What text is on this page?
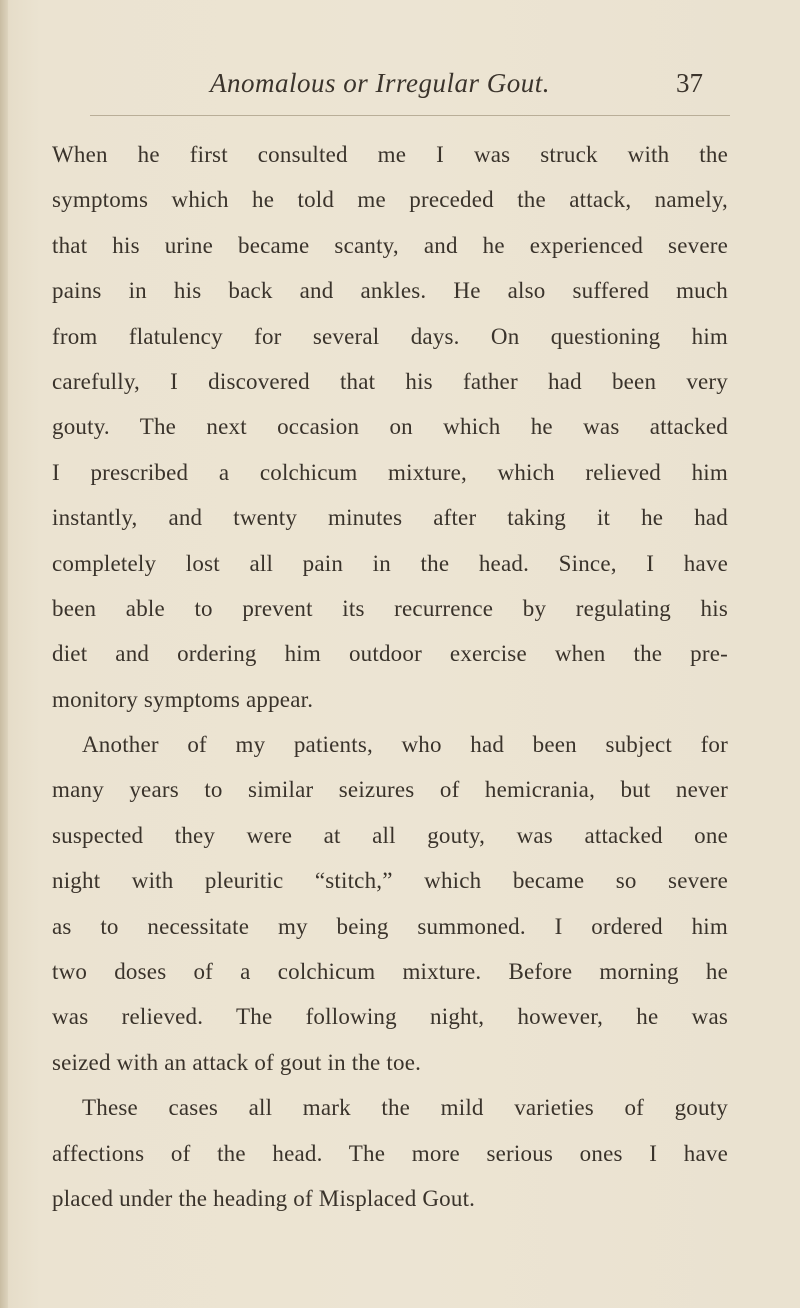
Anomalous or Irregular Gout.	37
When he first consulted me I was struck with the
symptoms which he told me preceded the attack, namely,
that his urine became scanty, and he experienced severe
pains in his back and ankles. He also suffered much
from flatulency for several days. On questioning him
carefully, I discovered that his father had been very
gouty. The next occasion on which he was attacked
I prescribed a colchicum mixture, which relieved him
instantly, and twenty minutes after taking it he had
completely lost all pain in the head. Since, I have
been able to prevent its recurrence by regulating his
diet and ordering him outdoor exercise when the pre-
monitory symptoms appear.
Another of my patients, who had been subject for
many years to similar seizures of hemicrania, but never
suspected they were at all gouty, was attacked one
night with pleuritic “stitch,” which became so severe
as to necessitate my being summoned. I ordered him
two doses of a colchicum mixture. Before morning he
was relieved. The following night, however, he was
seized with an attack of gout in the toe.
These cases all mark the mild varieties of gouty
affections of the head. The more serious ones I have
placed under the heading of Misplaced Gout.
